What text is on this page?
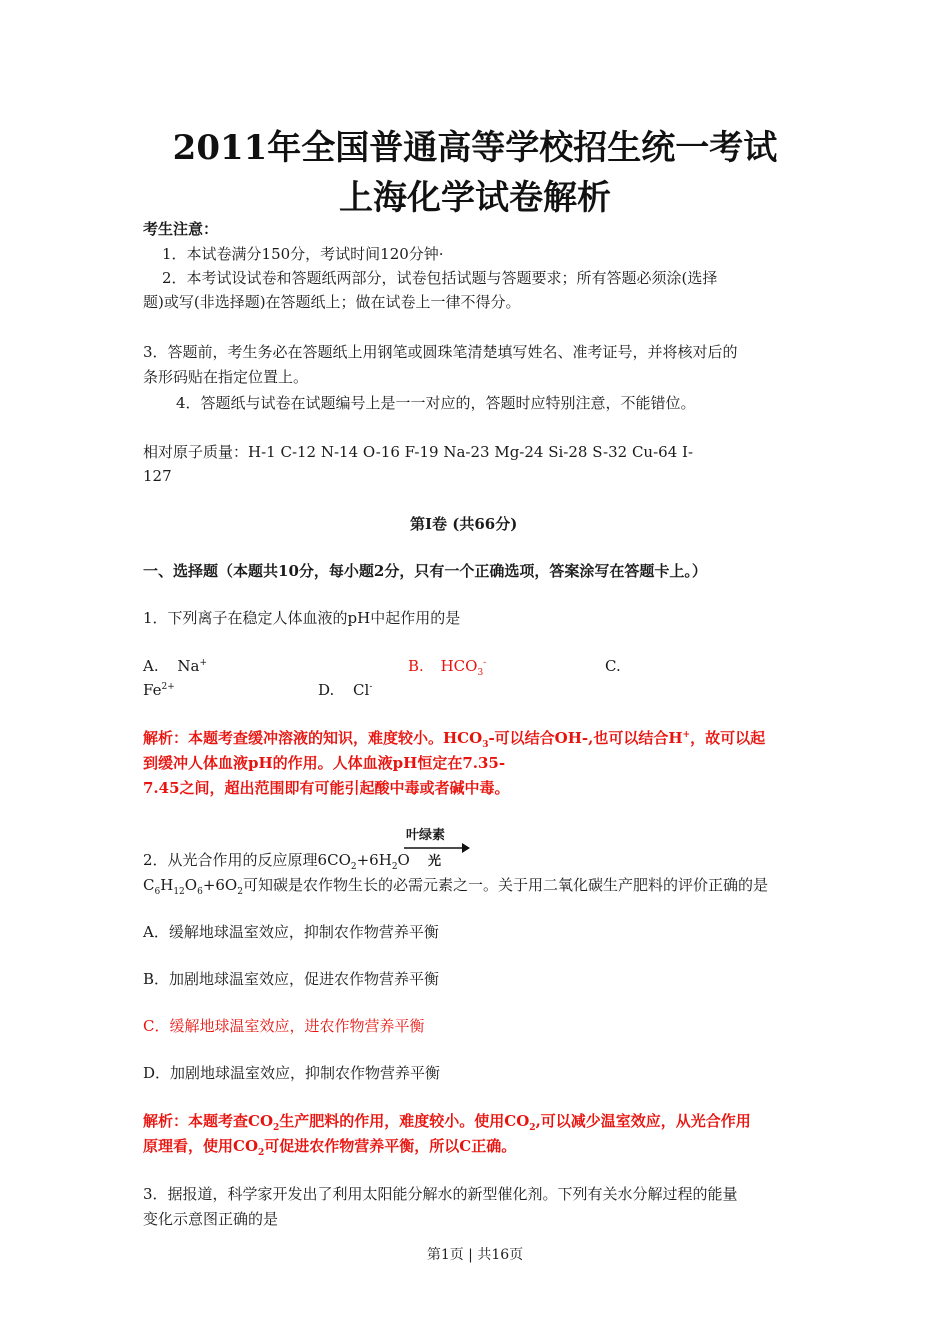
2011年全国普通高等学校招生统一考试
上海化学试卷解析
考生注意：
1．本试卷满分150分，考试时间120分钟·
2．本考试设试卷和答题纸两部分，试卷包括试题与答题要求；所有答题必须涂(选择
题)或写(非选择题)在答题纸上；做在试卷上一律不得分。
3．答题前，考生务必在答题纸上用钢笔或圆珠笔清楚填写姓名、准考证号，并将核对后的
条形码贴在指定位置上。
4．答题纸与试卷在试题编号上是一一对应的，答题时应特别注意，不能错位。
相对原子质量：H-1 C-12 N-14 O-16 F-19 Na-23 Mg-24 Si-28 S-32 Cu-64 I-
127
第I卷 (共66分)
一、选择题（本题共10分，每小题2分，只有一个正确选项，答案涂写在答题卡上。）
1．下列离子在稳定人体血液的pH中起作用的是
A. Na+	B. $HCO_3^-$	C.
$Fe^{2+}$	D. Cl-
解析：本题考查缓冲溶液的知识，难度较小。$HCO_3-$可以结合OH-,也可以结合H+，故可以起
到缓冲人体血液pH的作用。人体血液pH恒定在7.35-
7.45之间，超出范围即有可能引起酸中毒或者碱中毒。
叶绿素
光
2．从光合作用的反应原理$6CO_2+6H_2O$
$C_6H_{12}O_6+6O_2$可知碳是农作物生长的必需元素之一。关于用二氧化碳生产肥料的评价正确的是
A．缓解地球温室效应，抑制农作物营养平衡
B．加剧地球温室效应，促进农作物营养平衡
C．缓解地球温室效应，进农作物营养平衡
D．加剧地球温室效应，抑制农作物营养平衡
解析：本题考查$CO_2$生产肥料的作用，难度较小。使用$CO_2$,可以减少温室效应，从光合作用
原理看，使用$CO_2$可促进农作物营养平衡，所以C正确。
3．据报道，科学家开发出了利用太阳能分解水的新型催化剂。下列有关水分解过程的能量
变化示意图正确的是
第1页 | 共16页
